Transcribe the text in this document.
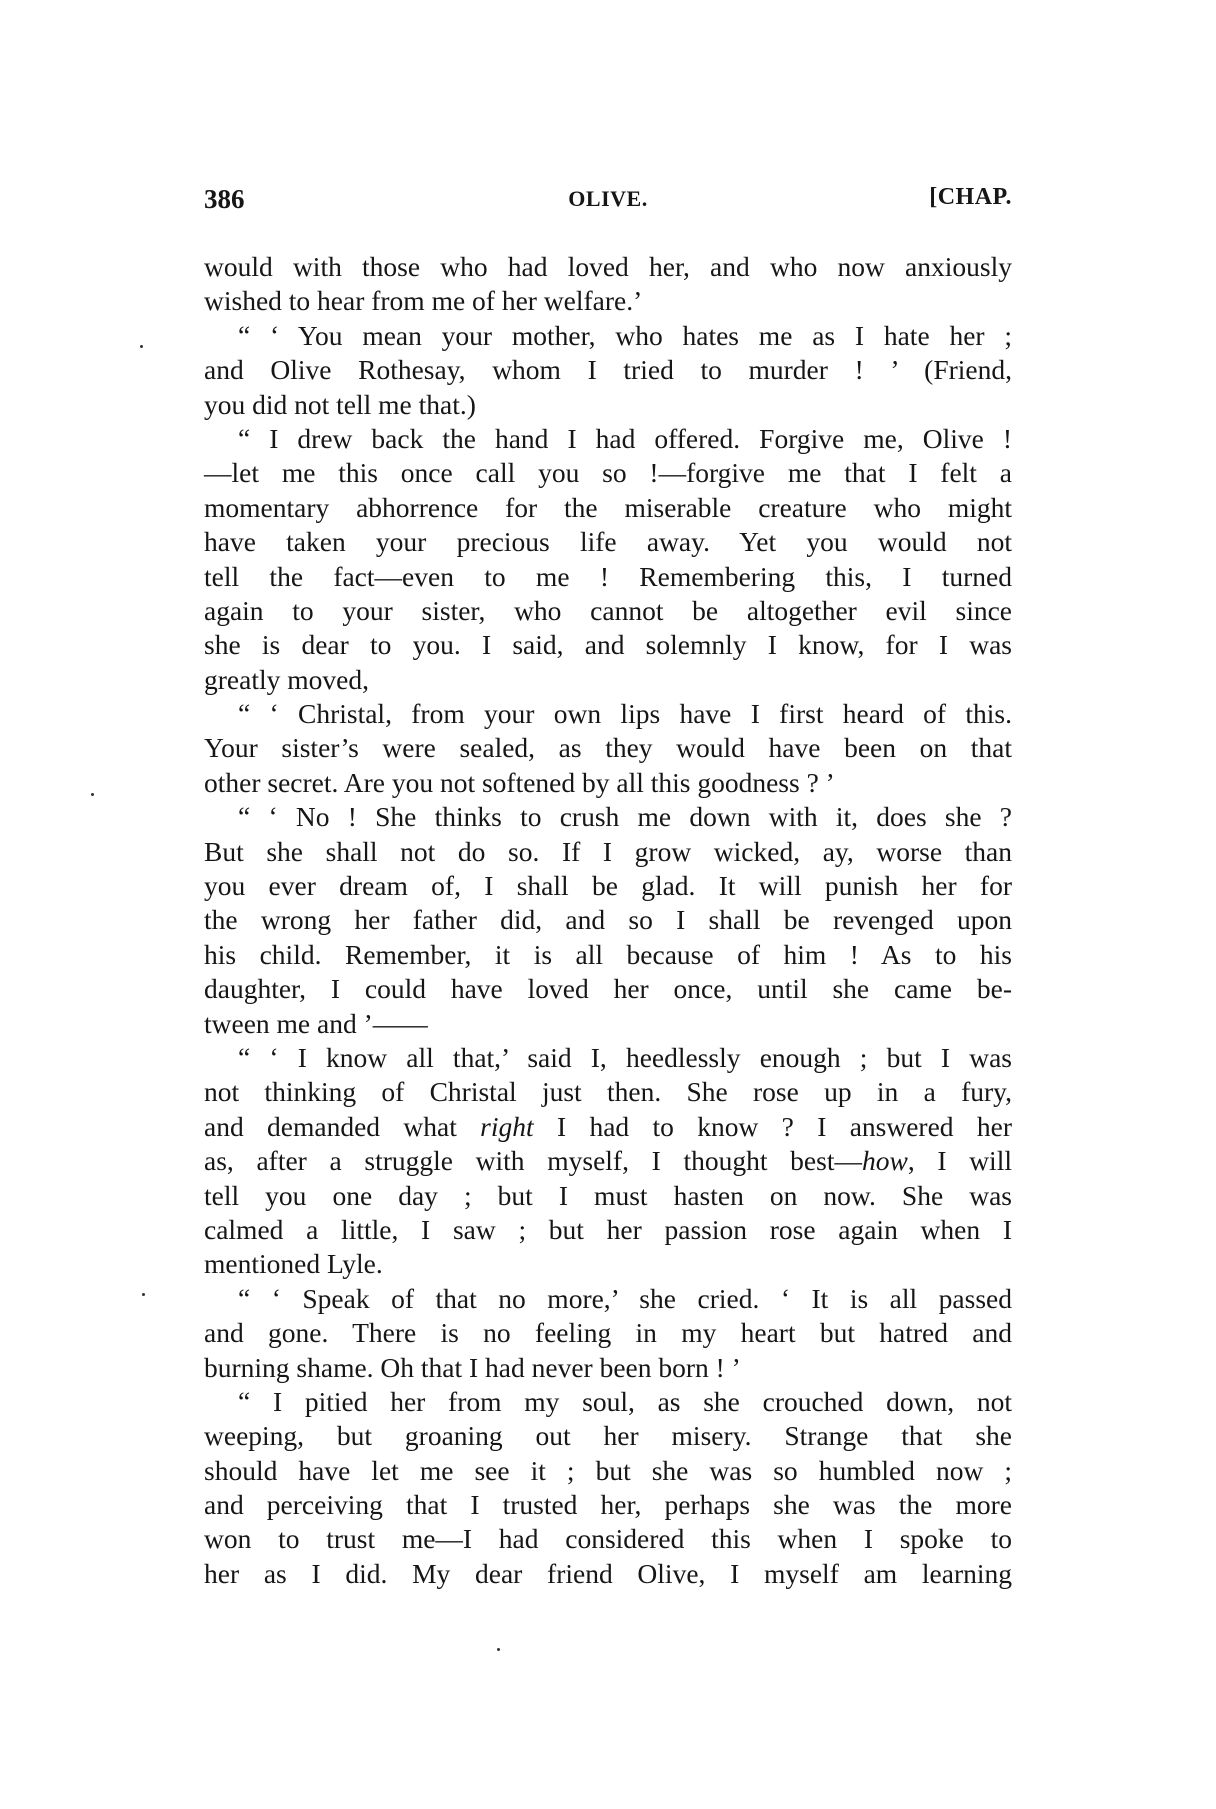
386	OLIVE.	[CHAP.
would with those who had loved her, and who now anxiously
wished to hear from me of her welfare.’
“ ‘ You mean your mother, who hates me as I hate her ;
and Olive Rothesay, whom I tried to murder ! ’ (Friend,
you did not tell me that.)
“ I drew back the hand I had offered. Forgive me, Olive !
—let me this once call you so !—forgive me that I felt a
momentary abhorrence for the miserable creature who might
have taken your precious life away. Yet you would not
tell the fact—even to me ! Remembering this, I turned
again to your sister, who cannot be altogether evil since
she is dear to you. I said, and solemnly I know, for I was
greatly moved,
“ ‘ Christal, from your own lips have I first heard of this.
Your sister’s were sealed, as they would have been on that
other secret. Are you not softened by all this goodness ? ’
“ ‘ No ! She thinks to crush me down with it, does she ?
But she shall not do so. If I grow wicked, ay, worse than
you ever dream of, I shall be glad. It will punish her for
the wrong her father did, and so I shall be revenged upon
his child. Remember, it is all because of him ! As to his
daughter, I could have loved her once, until she came be-
tween me and ’——
“ ‘ I know all that,’ said I, heedlessly enough ; but I was
not thinking of Christal just then. She rose up in a fury,
and demanded what right I had to know ? I answered her
as, after a struggle with myself, I thought best—how, I will
tell you one day ; but I must hasten on now. She was
calmed a little, I saw ; but her passion rose again when I
mentioned Lyle.
“ ‘ Speak of that no more,’ she cried. ‘ It is all passed
and gone. There is no feeling in my heart but hatred and
burning shame. Oh that I had never been born ! ’
“ I pitied her from my soul, as she crouched down, not
weeping, but groaning out her misery. Strange that she
should have let me see it ; but she was so humbled now ;
and perceiving that I trusted her, perhaps she was the more
won to trust me—I had considered this when I spoke to
her as I did. My dear friend Olive, I myself am learning
